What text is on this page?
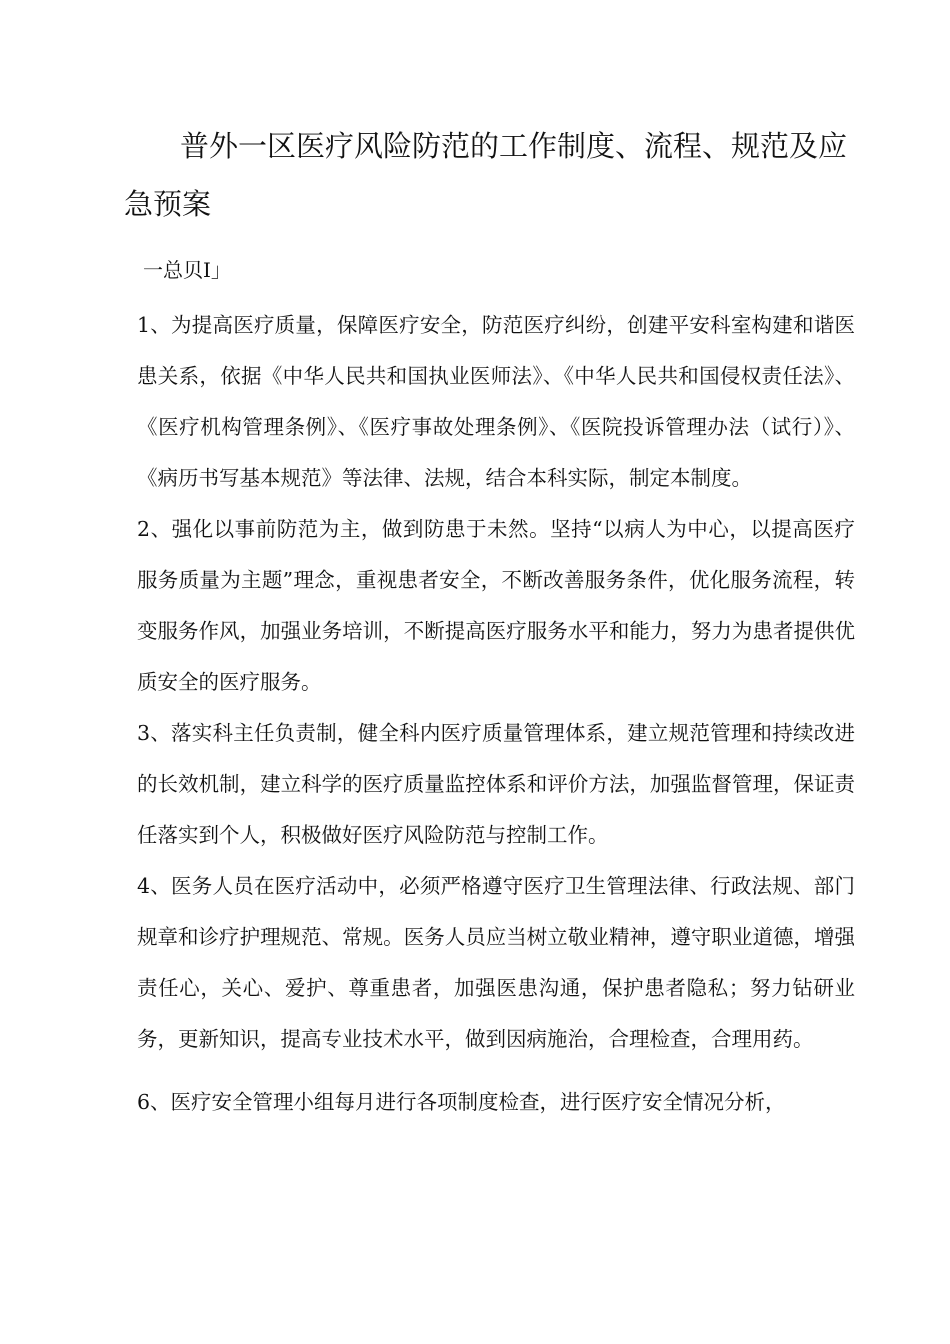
普外一区医疗风险防范的工作制度、流程、规范及应急预案

一总贝I」

1、为提高医疗质量，保障医疗安全，防范医疗纠纷，创建平安科室构建和谐医患关系，依据《中华人民共和国执业医师法》、《中华人民共和国侵权责任法》、《医疗机构管理条例》、《医疗事故处理条例》、《医院投诉管理办法（试行）》、《病历书写基本规范》等法律、法规，结合本科实际，制定本制度。

2、强化以事前防范为主，做到防患于未然。坚持“以病人为中心，以提高医疗服务质量为主题”理念，重视患者安全，不断改善服务条件，优化服务流程，转变服务作风，加强业务培训，不断提高医疗服务水平和能力，努力为患者提供优质安全的医疗服务。

3、落实科主任负责制，健全科内医疗质量管理体系，建立规范管理和持续改进的长效机制，建立科学的医疗质量监控体系和评价方法，加强监督管理，保证责任落实到个人，积极做好医疗风险防范与控制工作。

4、医务人员在医疗活动中，必须严格遵守医疗卫生管理法律、行政法规、部门规章和诊疗护理规范、常规。医务人员应当树立敬业精神，遵守职业道德，增强责任心，关心、爱护、尊重患者，加强医患沟通，保护患者隐私；努力钻研业务，更新知识，提高专业技术水平，做到因病施治，合理检查，合理用药。

6、医疗安全管理小组每月进行各项制度检查，进行医疗安全情况分析，
